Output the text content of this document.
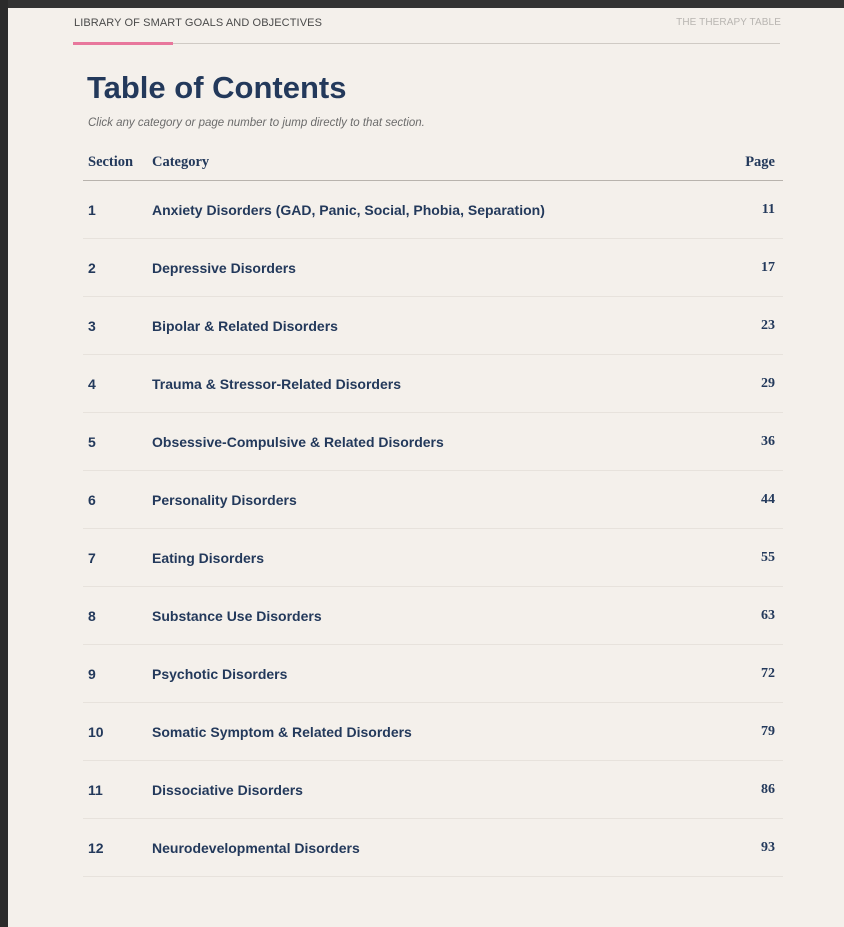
LIBRARY OF SMART GOALS AND OBJECTIVES	THE THERAPY TABLE
Table of Contents
Click any category or page number to jump directly to that section.
Section	Category	Page
1	Anxiety Disorders (GAD, Panic, Social, Phobia, Separation)	11
2	Depressive Disorders	17
3	Bipolar & Related Disorders	23
4	Trauma & Stressor-Related Disorders	29
5	Obsessive-Compulsive & Related Disorders	36
6	Personality Disorders	44
7	Eating Disorders	55
8	Substance Use Disorders	63
9	Psychotic Disorders	72
10	Somatic Symptom & Related Disorders	79
11	Dissociative Disorders	86
12	Neurodevelopmental Disorders	93
